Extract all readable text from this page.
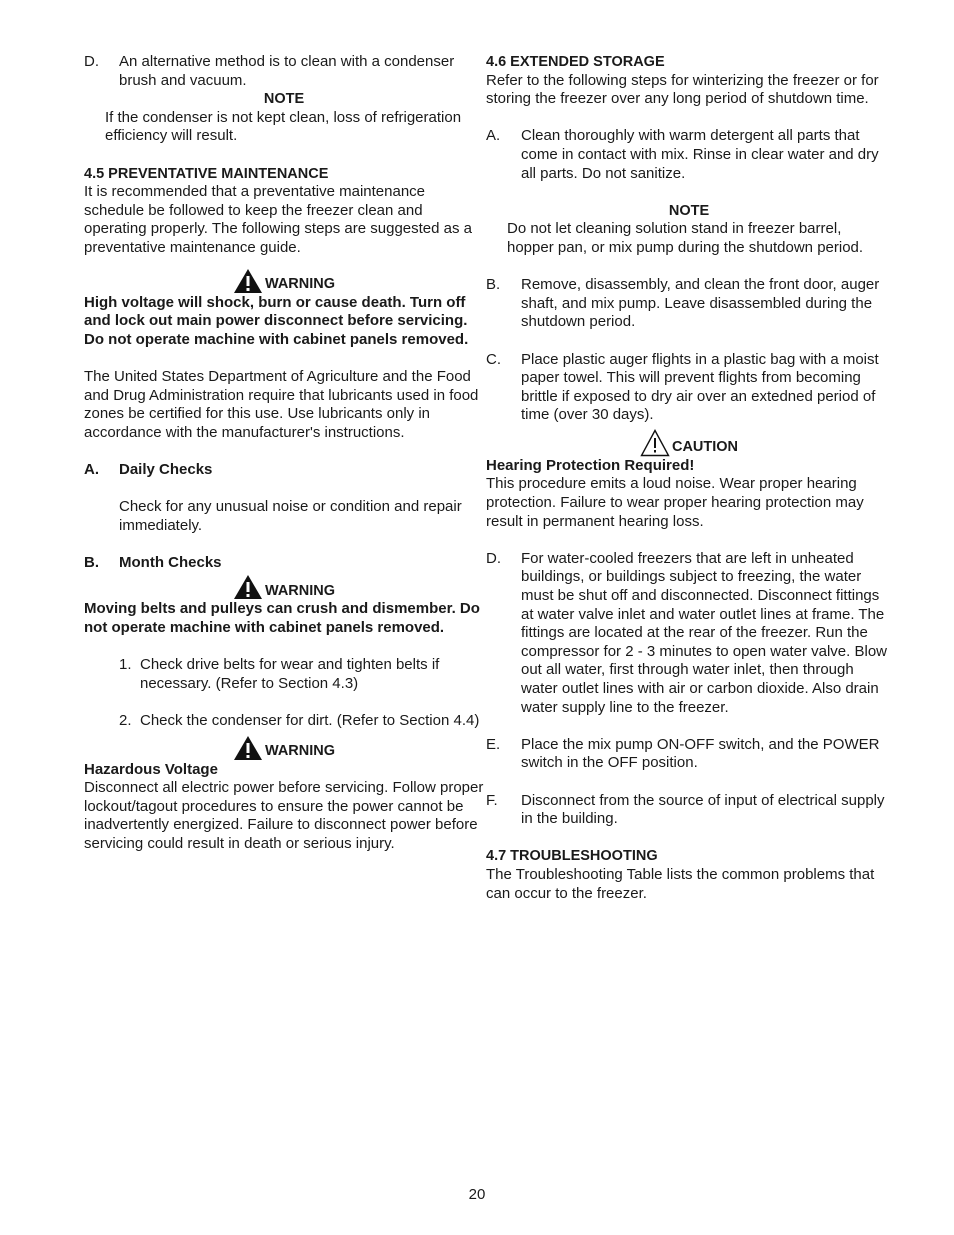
D. An alternative method is to clean with a condenser brush and vacuum.

NOTE

If the condenser is not kept clean, loss of refrigeration efficiency will result.

4.5 PREVENTATIVE MAINTENANCE

It is recommended that a preventative maintenance schedule be followed to keep the freezer clean and operating properly. The following steps are suggested as a preventative maintenance guide.

WARNING

High voltage will shock, burn or cause death. Turn off and lock out main power disconnect before servicing. Do not operate machine with cabinet panels removed.

The United States Department of Agriculture and the Food and Drug Administration require that lubricants used in food zones be certified for this use. Use lubricants only in accordance with the manufacturer's instructions.

A. Daily Checks

Check for any unusual noise or condition and repair immediately.

B. Month Checks

WARNING

Moving belts and pulleys can crush and dismember. Do not operate machine with cabinet panels removed.

1. Check drive belts for wear and tighten belts if necessary. (Refer to Section 4.3)

2. Check the condenser for dirt. (Refer to Section 4.4)

WARNING

Hazardous Voltage

Disconnect all electric power before servicing. Follow proper lockout/tagout procedures to ensure the power cannot be inadvertently energized. Failure to disconnect power before servicing could result in death or serious injury.

4.6 EXTENDED STORAGE

Refer to the following steps for winterizing the freezer or for storing the freezer over any long period of shutdown time.

A. Clean thoroughly with warm detergent all parts that come in contact with mix. Rinse in clear water and dry all parts. Do not sanitize.

NOTE

Do not let cleaning solution stand in freezer barrel, hopper pan, or mix pump during the shutdown period.

B. Remove, disassembly, and clean the front door, auger shaft, and mix pump. Leave disassembled during the shutdown period.

C. Place plastic auger flights in a plastic bag with a moist paper towel. This will prevent flights from becoming brittle if exposed to dry air over an extedned period of time (over 30 days).

CAUTION

Hearing Protection Required!

This procedure emits a loud noise. Wear proper hearing protection. Failure to wear proper hearing protection may result in permanent hearing loss.

D. For water-cooled freezers that are left in unheated buildings, or buildings subject to freezing, the water must be shut off and disconnected. Disconnect fittings at water valve inlet and water outlet lines at frame. The fittings are located at the rear of the freezer. Run the compressor for 2 - 3 minutes to open water valve. Blow out all water, first through water inlet, then through water outlet lines with air or carbon dioxide. Also drain water supply line to the freezer.

E. Place the mix pump ON-OFF switch, and the POWER switch in the OFF position.

F. Disconnect from the source of input of electrical supply in the building.

4.7 TROUBLESHOOTING

The Troubleshooting Table lists the common problems that can occur to the freezer.

20
